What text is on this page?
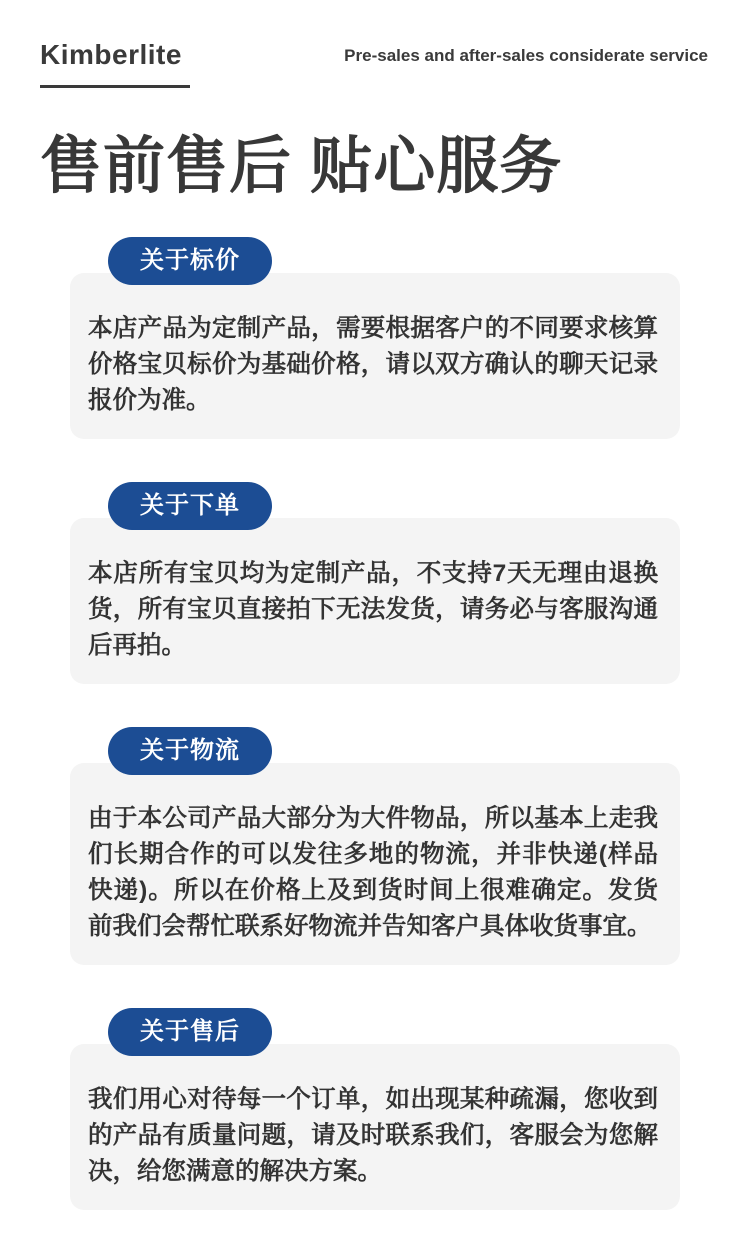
Kimberlite	Pre-sales and after-sales considerate service
售前售后 贴心服务
关于标价

本店产品为定制产品，需要根据客户的不同要求核算价格宝贝标价为基础价格，请以双方确认的聊天记录报价为准。

关于下单

本店所有宝贝均为定制产品，不支持7天无理由退换货，所有宝贝直接拍下无法发货，请务必与客服沟通后再拍。

关于物流

由于本公司产品大部分为大件物品，所以基本上走我们长期合作的可以发往多地的物流，并非快递(样品快递)。所以在价格上及到货时间上很难确定。发货前我们会帮忙联系好物流并告知客户具体收货事宜。

关于售后

我们用心对待每一个订单，如出现某种疏漏，您收到的产品有质量问题，请及时联系我们，客服会为您解决，给您满意的解决方案。
